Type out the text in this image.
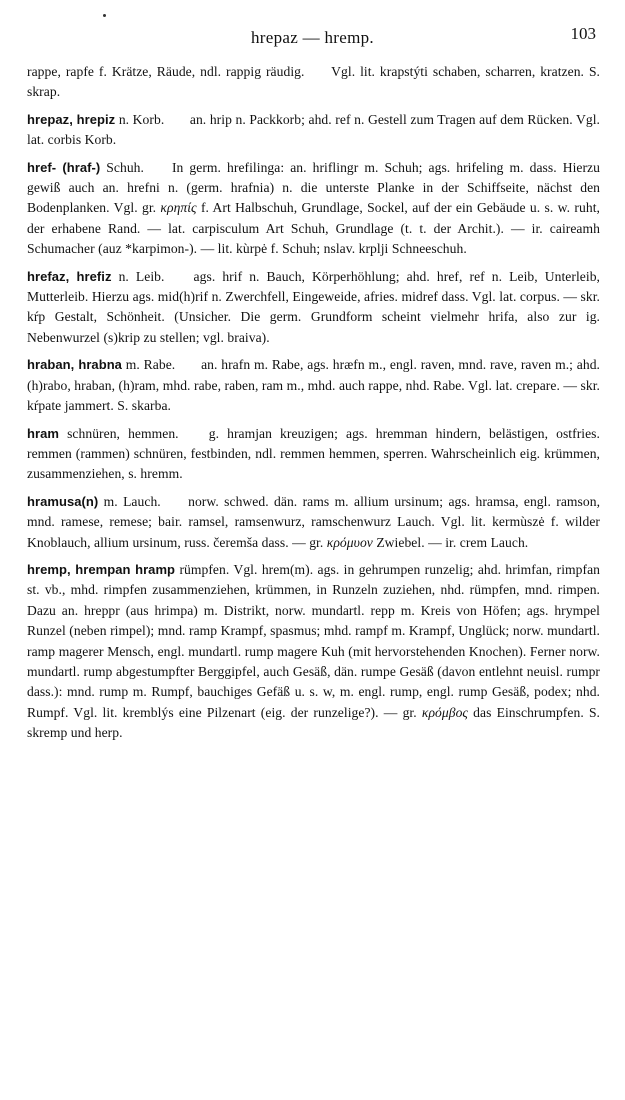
hrepaz — hremp.	103

rappe, rapfe f. Krätze, Räude, ndl. rappig räudig. Vgl. lit. krapstýti schaben, scharren, kratzen. S. skrap.

hrepaz, hrepiz n. Korb. an. hrip n. Packkorb; ahd. ref n. Gestell zum Tragen auf dem Rücken. Vgl. lat. corbis Korb.

href- (hraf-) Schuh. In germ. hrefilinga: an. hriflingr m. Schuh; ags. hrifeling m. dass. Hierzu gewiß auch an. hrefni n. (germ. hrafnia) n. die unterste Planke in der Schiffseite, nächst den Bodenplanken. Vgl. gr. κρηπίς f. Art Halbschuh, Grundlage, Sockel, auf der ein Gebäude u. s. w. ruht, der erhabene Rand. — lat. carpisculum Art Schuh, Grundlage (t. t. der Archit.). — ir. caireamh Schumacher (auz *karpimon-). — lit. kùrpė f. Schuh; nslav. krplji Schneeschuh.

hrefaz, hrefiz n. Leib. ags. hrif n. Bauch, Körperhöhlung; ahd. href, ref n. Leib, Unterleib, Mutterleib. Hierzu ags. mid(h)rif n. Zwerchfell, Eingeweide, afries. midref dass. Vgl. lat. corpus. — skr. kŕp Gestalt, Schönheit. (Unsicher. Die germ. Grundform scheint vielmehr hrifa, also zur ig. Nebenwurzel (s)krip zu stellen; vgl. braiva).

hraban, hrabna m. Rabe. an. hrafn m. Rabe, ags. hræfn m., engl. raven, mnd. rave, raven m.; ahd. (h)rabo, hraban, (h)ram, mhd. rabe, raben, ram m., mhd. auch rappe, nhd. Rabe. Vgl. lat. crepare. — skr. kŕpate jammert. S. skarba.

hram schnüren, hemmen. g. hramjan kreuzigen; ags. hremman hindern, belästigen, ostfries. remmen (rammen) schnüren, festbinden, ndl. remmen hemmen, sperren. Wahrscheinlich eig. krümmen, zusammenziehen, s. hremm.

hramusa(n) m. Lauch. norw. schwed. dän. rams m. allium ursinum; ags. hramsa, engl. ramson, mnd. ramese, remese; bair. ramsel, ramsenwurz, ramschenwurz Lauch. Vgl. lit. kermùszė f. wilder Knoblauch, allium ursinum, russ. čeremša dass. — gr. κρόμυον Zwiebel. — ir. crem Lauch.

hremp, hrempan hramp rümpfen. Vgl. hrem(m). ags. in gehrumpen runzelig; ahd. hrimfan, rimpfan st. vb., mhd. rimpfen zusammenziehen, krümmen, in Runzeln zuziehen, nhd. rümpfen, mnd. rimpen. Dazu an. hreppr (aus hrimpa) m. Distrikt, norw. mundartl. repp m. Kreis von Höfen; ags. hrympel Runzel (neben rimpel); mnd. ramp Krampf, spasmus; mhd. rampf m. Krampf, Unglück; norw. mundartl. ramp magerer Mensch, engl. mundartl. rump magere Kuh (mit hervorstehenden Knochen). Ferner norw. mundartl. rump abgestumpfter Berggipfel, auch Gesäß, dän. rumpe Gesäß (davon entlehnt neuisl. rumpr dass.): mnd. rump m. Rumpf, bauchiges Gefäß u. s. w, m. engl. rump, engl. rump Gesäß, podex; nhd. Rumpf. Vgl. lit. kremblýs eine Pilzenart (eig. der runzelige?). — gr. κρόμβος das Einschrumpfen. S. skremp und herp.
